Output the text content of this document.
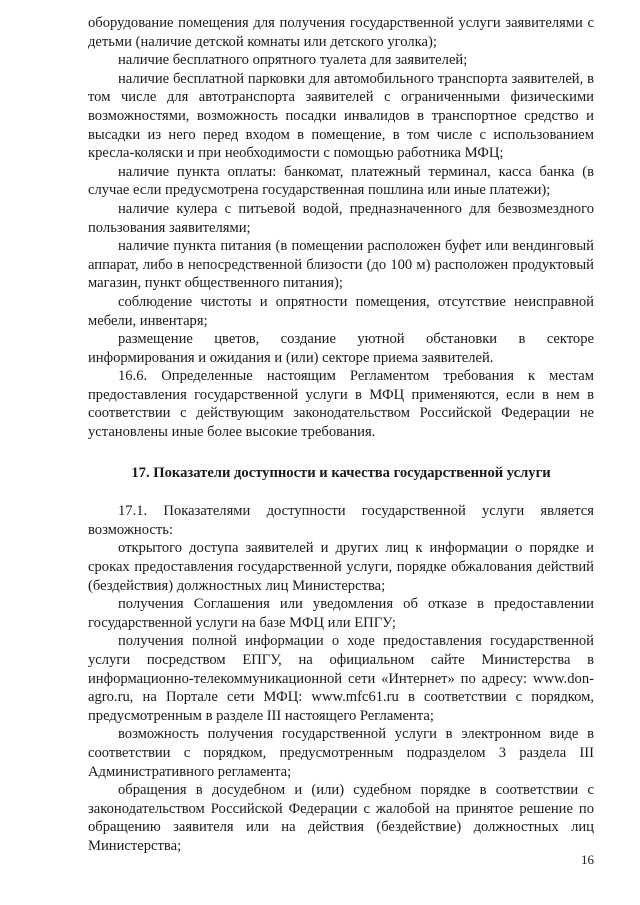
оборудование помещения для получения государственной услуги заявителями с детьми (наличие детской комнаты или детского уголка);

наличие бесплатного опрятного туалета для заявителей;

наличие бесплатной парковки для автомобильного транспорта заявителей, в том числе для автотранспорта заявителей с ограниченными физическими возможностями, возможность посадки инвалидов в транспортное средство и высадки из него перед входом в помещение, в том числе с использованием кресла-коляски и при необходимости с помощью работника МФЦ;

наличие пункта оплаты: банкомат, платежный терминал, касса банка (в случае если предусмотрена государственная пошлина или иные платежи);

наличие кулера с питьевой водой, предназначенного для безвозмездного пользования заявителями;

наличие пункта питания (в помещении расположен буфет или вендинговый аппарат, либо в непосредственной близости (до 100 м) расположен продуктовый магазин, пункт общественного питания);

соблюдение чистоты и опрятности помещения, отсутствие неисправной мебели, инвентаря;

размещение цветов, создание уютной обстановки в секторе информирования и ожидания и (или) секторе приема заявителей.

16.6. Определенные настоящим Регламентом требования к местам предоставления государственной услуги в МФЦ применяются, если в нем в соответствии с действующим законодательством Российской Федерации не установлены иные более высокие требования.

17. Показатели доступности и качества государственной услуги

17.1. Показателями доступности государственной услуги является возможность:

открытого доступа заявителей и других лиц к информации о порядке и сроках предоставления государственной услуги, порядке обжалования действий (бездействия) должностных лиц Министерства;

получения Соглашения или уведомления об отказе в предоставлении государственной услуги на базе МФЦ или ЕПГУ;

получения полной информации о ходе предоставления государственной услуги посредством ЕПГУ, на официальном сайте Министерства в информационно-телекоммуникационной сети «Интернет» по адресу: www.don-agro.ru, на Портале сети МФЦ: www.mfc61.ru в соответствии с порядком, предусмотренным в разделе III настоящего Регламента;

возможность получения государственной услуги в электронном виде в соответствии с порядком, предусмотренным подразделом 3 раздела III Административного регламента;

обращения в досудебном и (или) судебном порядке в соответствии с законодательством Российской Федерации с жалобой на принятое решение по обращению заявителя или на действия (бездействие) должностных лиц Министерства;

16
